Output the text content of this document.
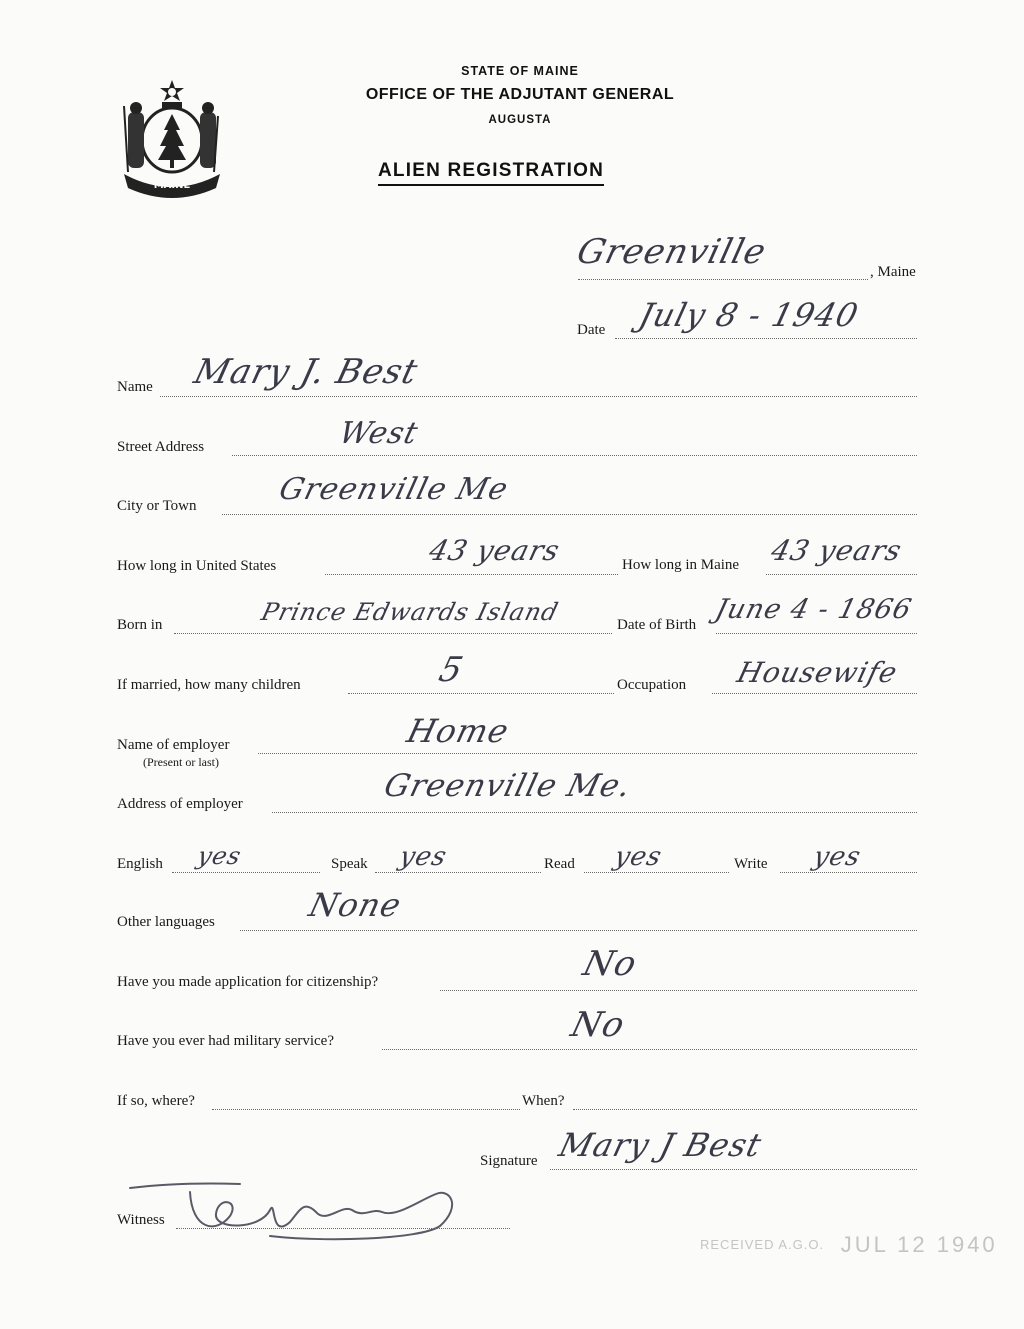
MAINE
STATE OF MAINE
OFFICE OF THE ADJUTANT GENERAL
AUGUSTA
ALIEN REGISTRATION
Greenville	, Maine
Date July 8 - 1940
Name Mary J. Best
Street Address	West
City or Town	Greenville Me
How long in United States	43 years	How long in Maine 43 years
Born in	Prince Edwards Island	Date of Birth June 4 - 1866
If married, how many children	5	Occupation Housewife
Name of employer
(Present or last)
Home
Address of employer	Greenville Me.
English yes	Speak yes	Read yes	Write yes
Other languages	None
Have you made application for citizenship?	No
Have you ever had military service?	No
If so, where?	When?
Signature Mary J Best
Witness
RECEIVED A.G.O. JUL 12 1940
